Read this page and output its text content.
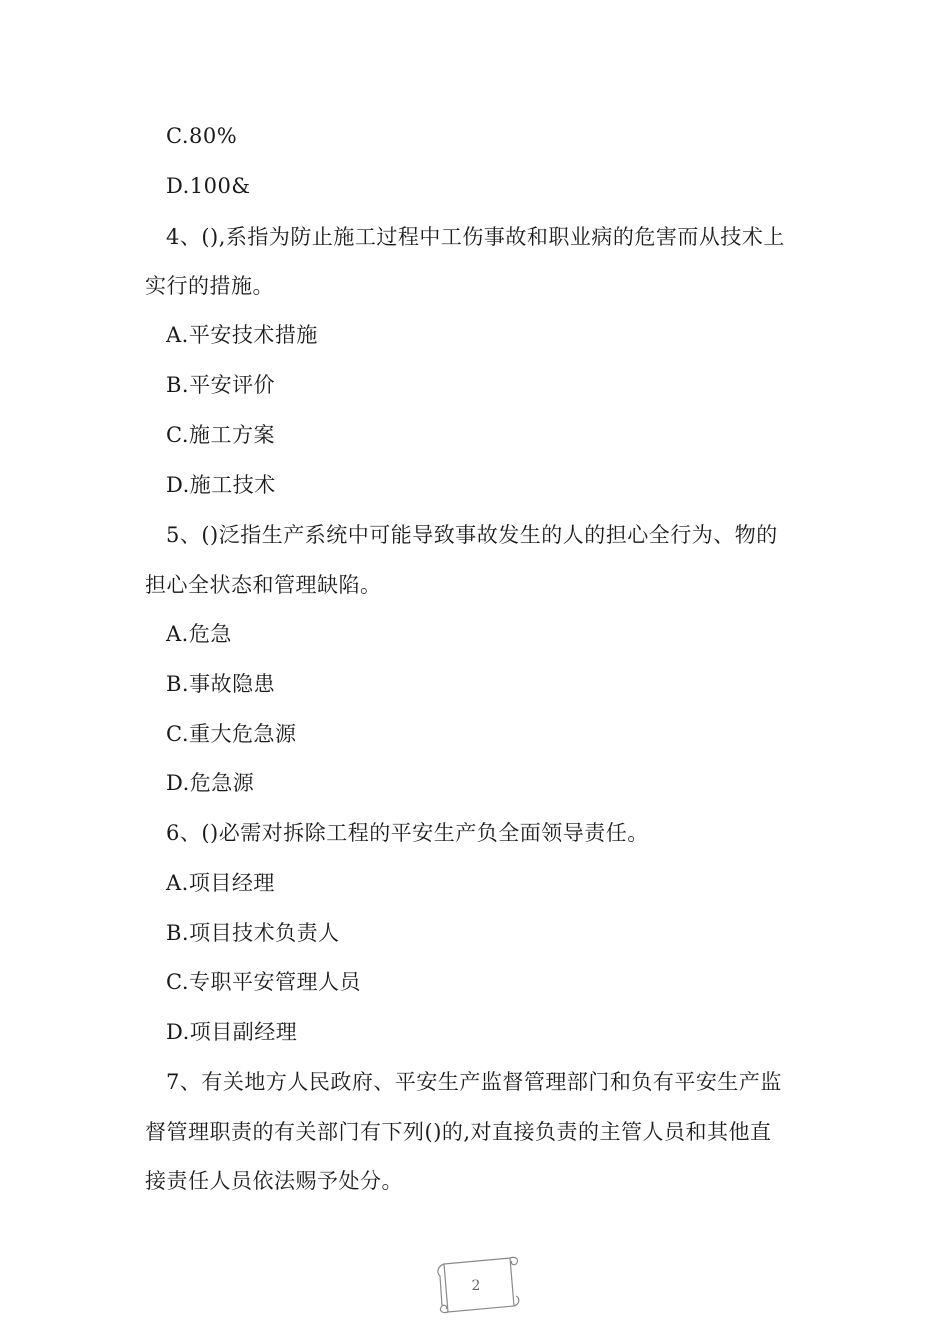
C.80%
D.100&
4、(),系指为防止施工过程中工伤事故和职业病的危害而从技术上
实行的措施。
A.平安技术措施
B.平安评价
C.施工方案
D.施工技术
5、()泛指生产系统中可能导致事故发生的人的担心全行为、物的
担心全状态和管理缺陷。
A.危急
B.事故隐患
C.重大危急源
D.危急源
6、()必需对拆除工程的平安生产负全面领导责任。
A.项目经理
B.项目技术负责人
C.专职平安管理人员
D.项目副经理
7、有关地方人民政府、平安生产监督管理部门和负有平安生产监
督管理职责的有关部门有下列()的,对直接负责的主管人员和其他直
接责任人员依法赐予处分。
2
